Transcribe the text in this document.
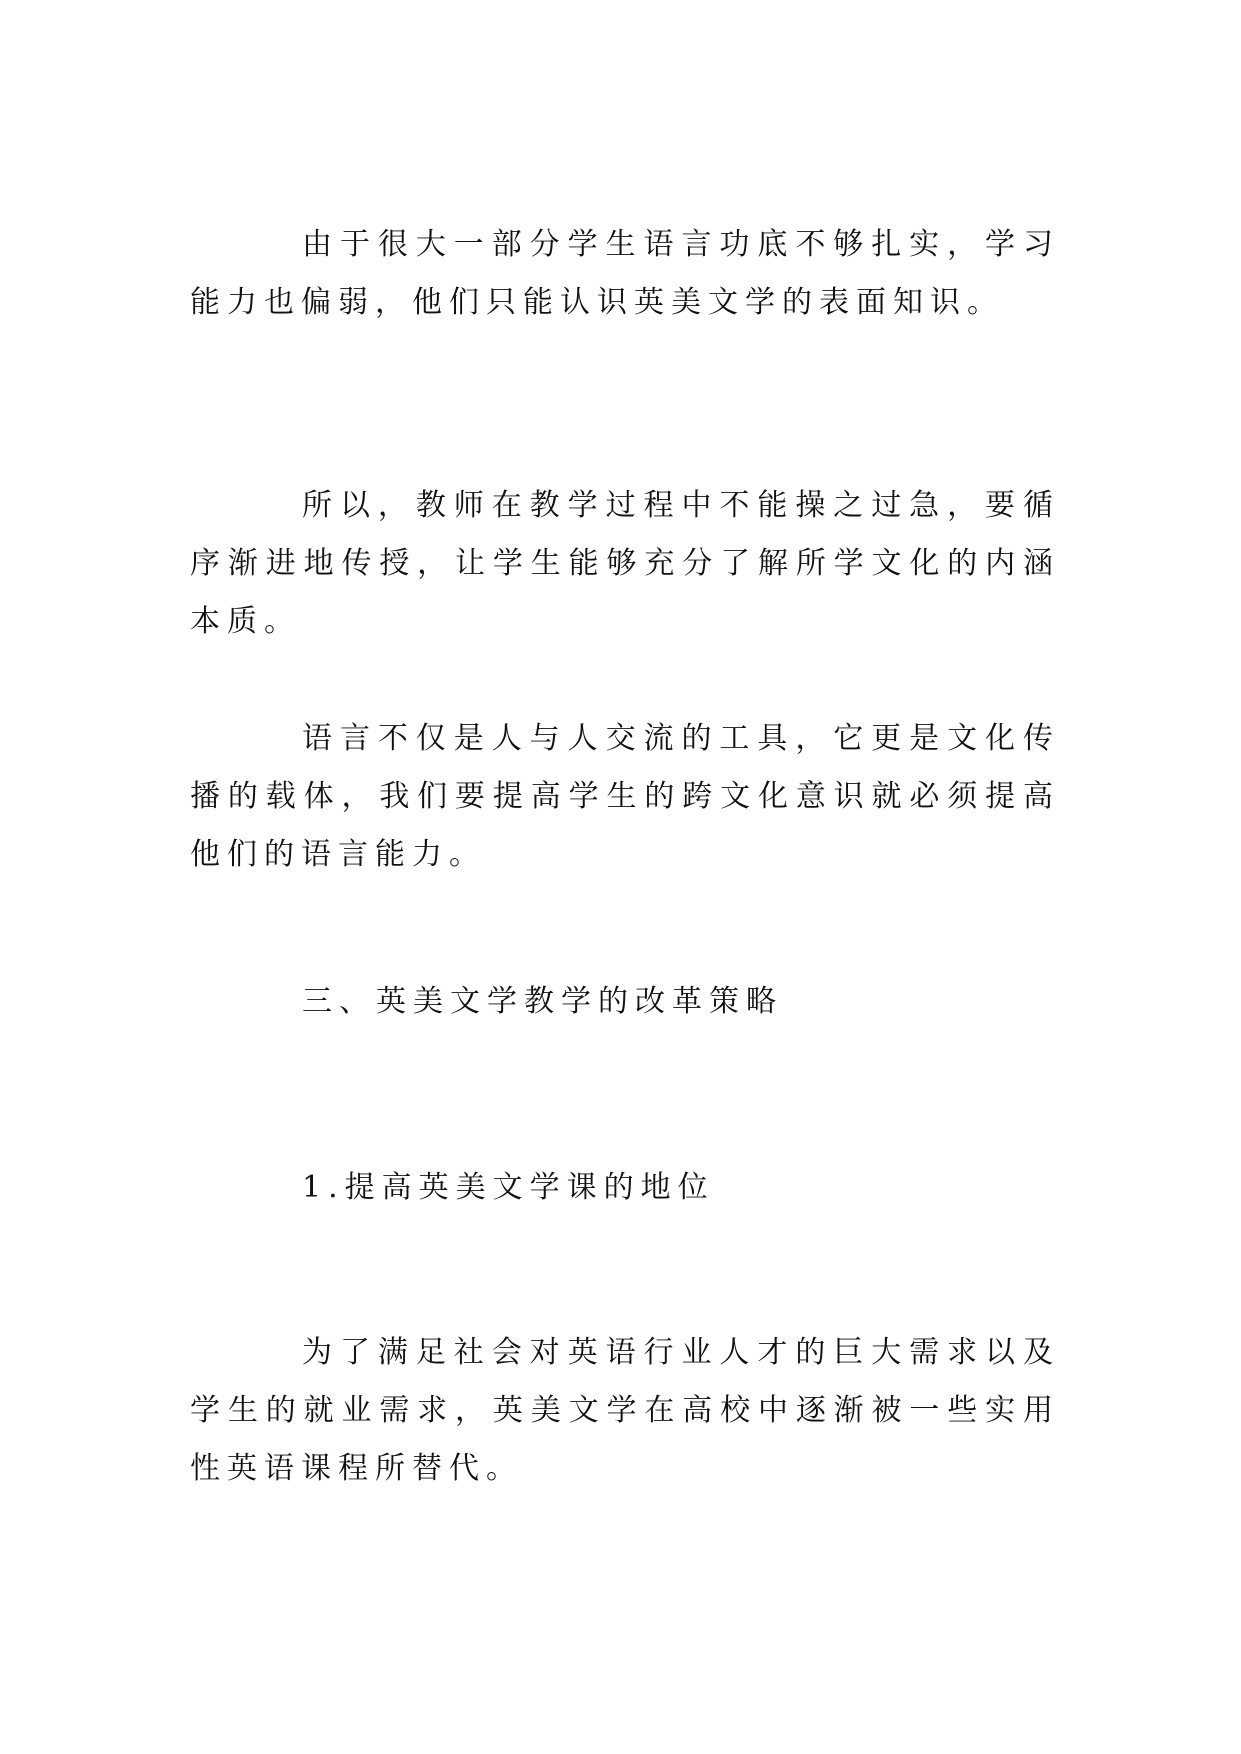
由于很大一部分学生语言功底不够扎实，学习能力也偏弱，他们只能认识英美文学的表面知识。

所以，教师在教学过程中不能操之过急，要循序渐进地传授，让学生能够充分了解所学文化的内涵本质。

语言不仅是人与人交流的工具，它更是文化传播的载体，我们要提高学生的跨文化意识就必须提高他们的语言能力。

三、英美文学教学的改革策略

1.提高英美文学课的地位

为了满足社会对英语行业人才的巨大需求以及学生的就业需求，英美文学在高校中逐渐被一些实用性英语课程所替代。
